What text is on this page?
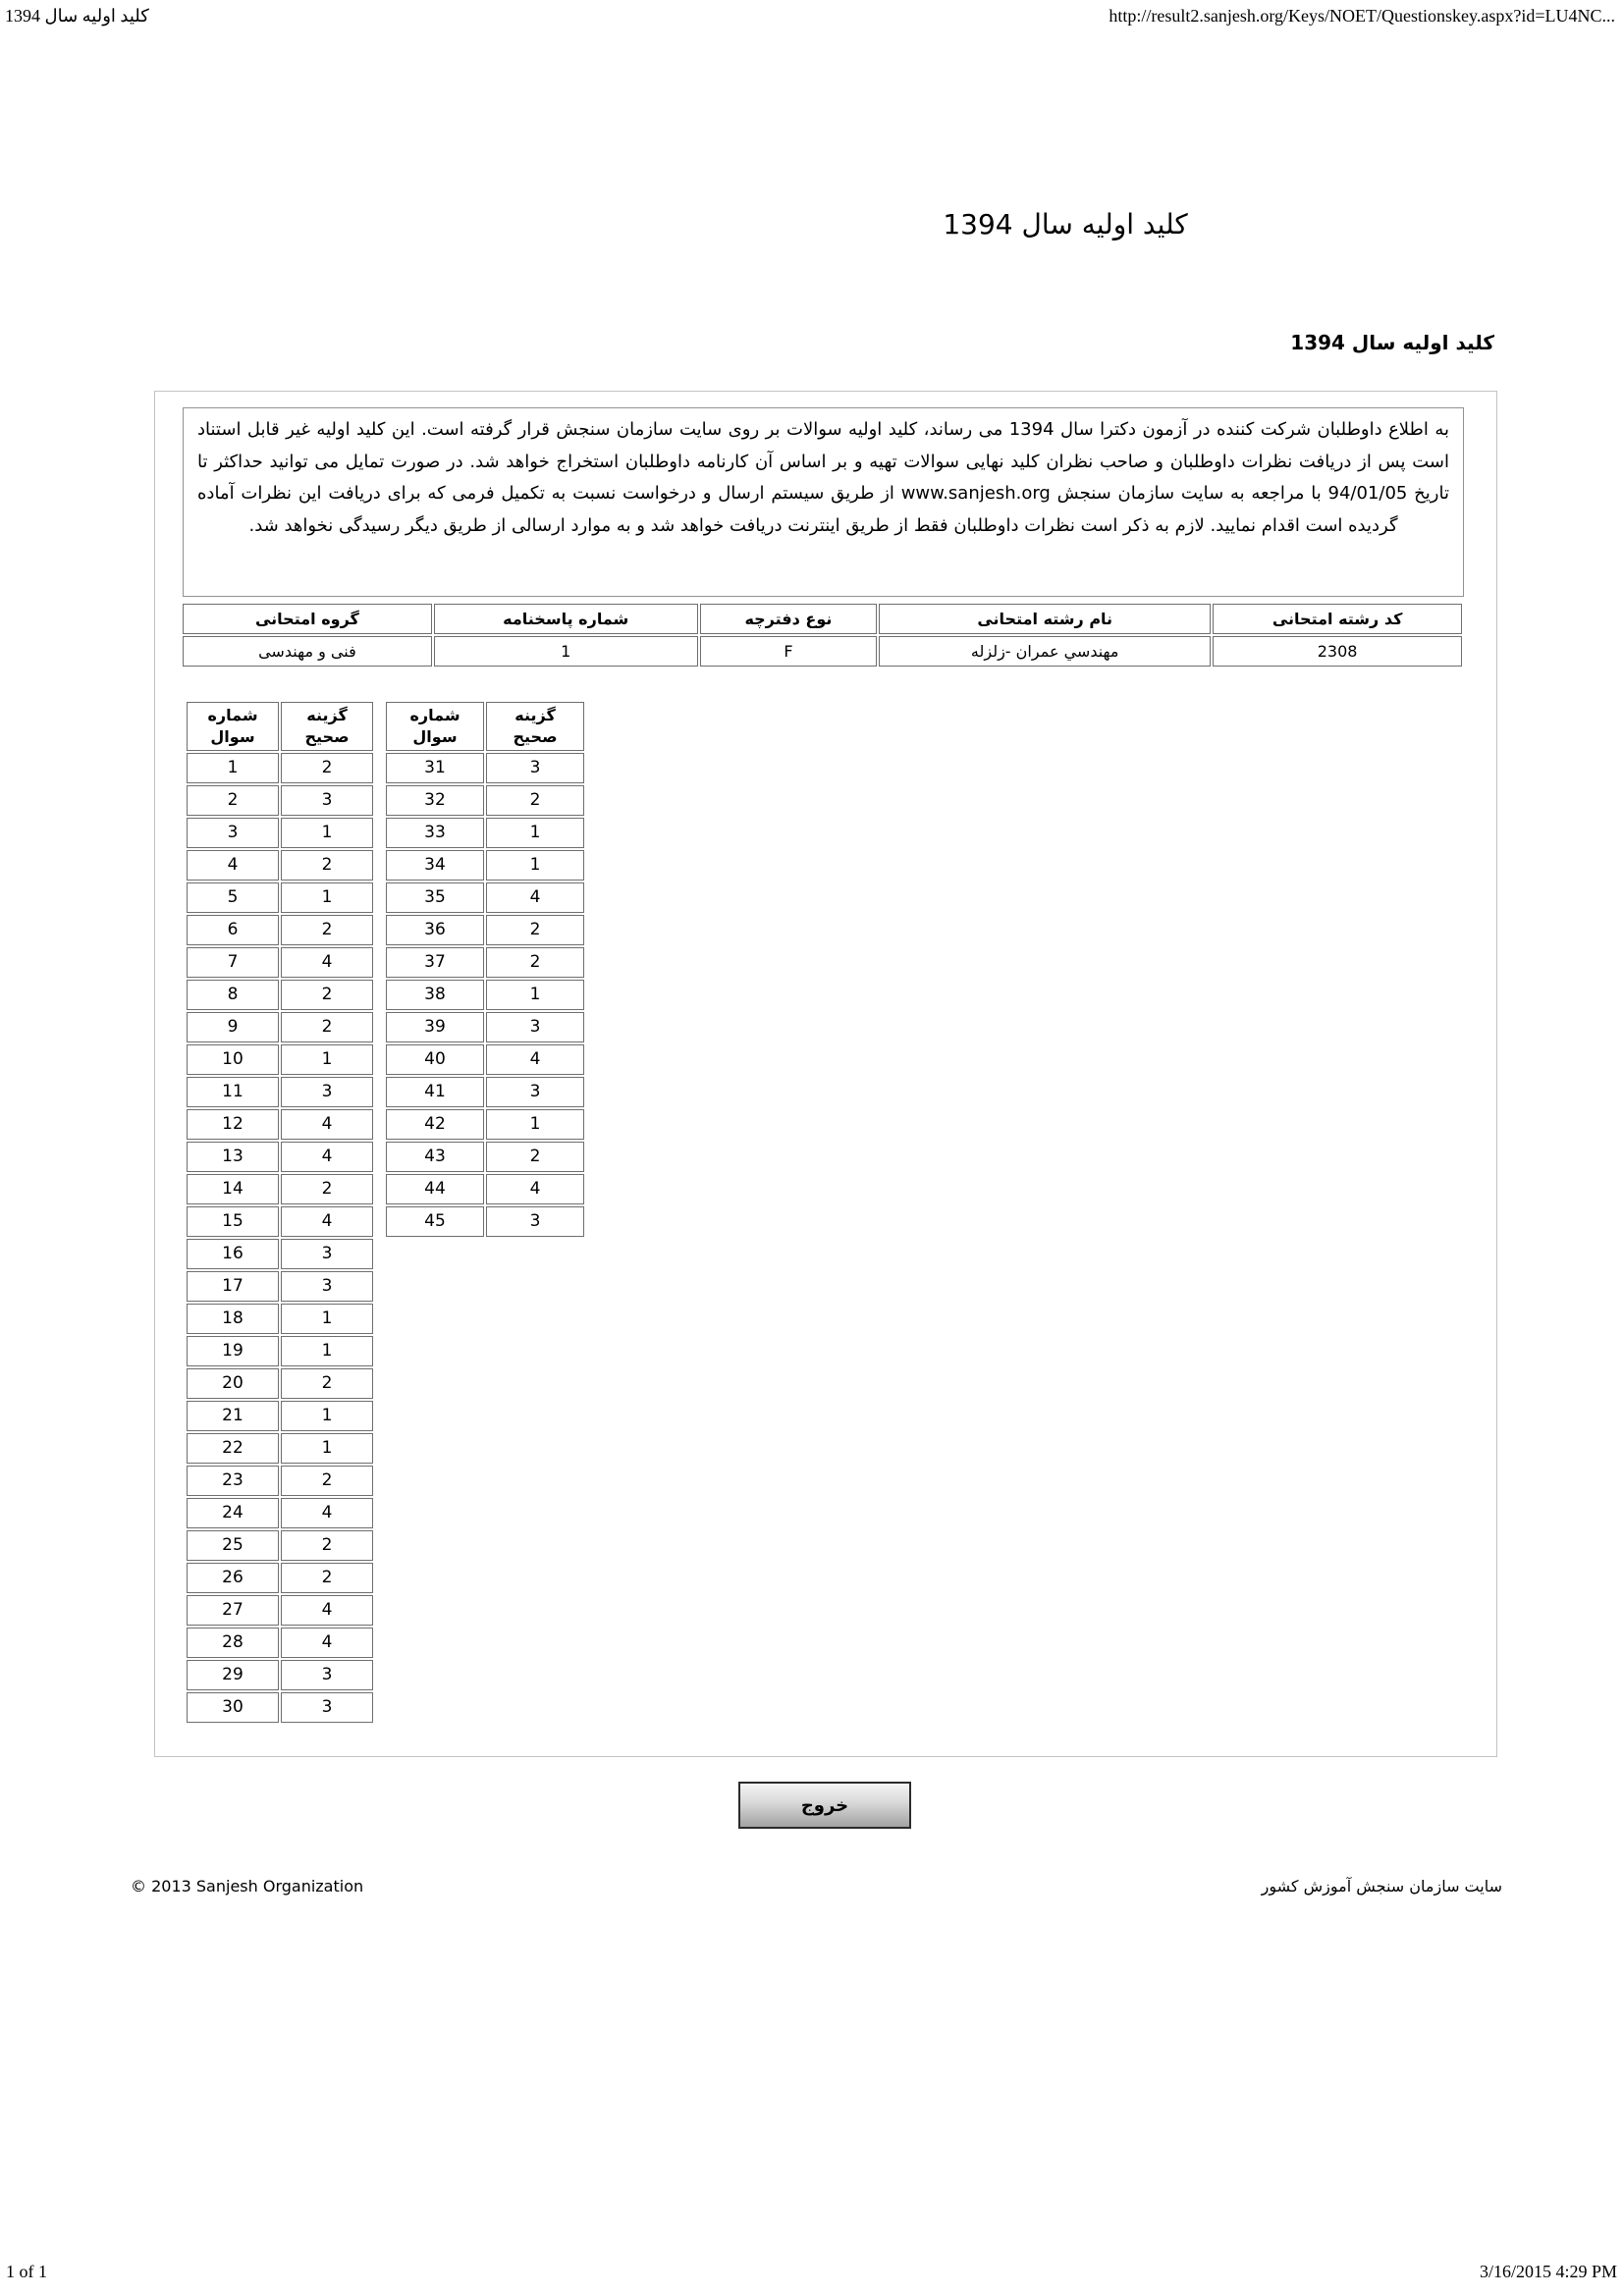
کلید اولیه سال 1394	http://result2.sanjesh.org/Keys/NOET/Questionskey.aspx?id=LU4NC...
کلید اولیه سال 1394
کلید اولیه سال 1394
به اطلاع داوطلبان شرکت کننده در آزمون دکترا سال 1394 می رساند، کلید اولیه سوالات بر روی سایت سازمان سنجش قرار گرفته است. این کلید اولیه غیر قابل استناد است پس از دریافت نظرات داوطلبان و صاحب نظران کلید نهایی سوالات تهیه و بر اساس آن کارنامه داوطلبان استخراج خواهد شد. در صورت تمایل می توانید حداکثر تا تاریخ 94/01/05 با مراجعه به سایت سازمان سنجش www.sanjesh.org از طریق سیستم ارسال و درخواست نسبت به تکمیل فرمی که برای دریافت این نظرات آماده گردیده است اقدام نمایید. لازم به ذکر است نظرات داوطلبان فقط از طریق اینترنت دریافت خواهد شد و به موارد ارسالی از طریق دیگر رسیدگی نخواهد شد.
کد رشته امتحانی	نام رشته امتحانی	نوع دفترچه	شماره پاسخنامه	گروه امتحانی
2308	مهندسي عمران -زلزله	F	1	فنی و مهندسی
شماره سوال	گزینه صحیح
1	2
2	3
3	1
4	2
5	1
6	2
7	4
8	2
9	2
10	1
11	3
12	4
13	4
14	2
15	4
16	3
17	3
18	1
19	1
20	2
21	1
22	1
23	2
24	4
25	2
26	2
27	4
28	4
29	3
30	3
شماره سوال	گزینه صحیح
31	3
32	2
33	1
34	1
35	4
36	2
37	2
38	1
39	3
40	4
41	3
42	1
43	2
44	4
45	3
خروج
© 2013 Sanjesh Organization	سایت سازمان سنجش آموزش کشور
1 of 1	3/16/2015 4:29 PM
